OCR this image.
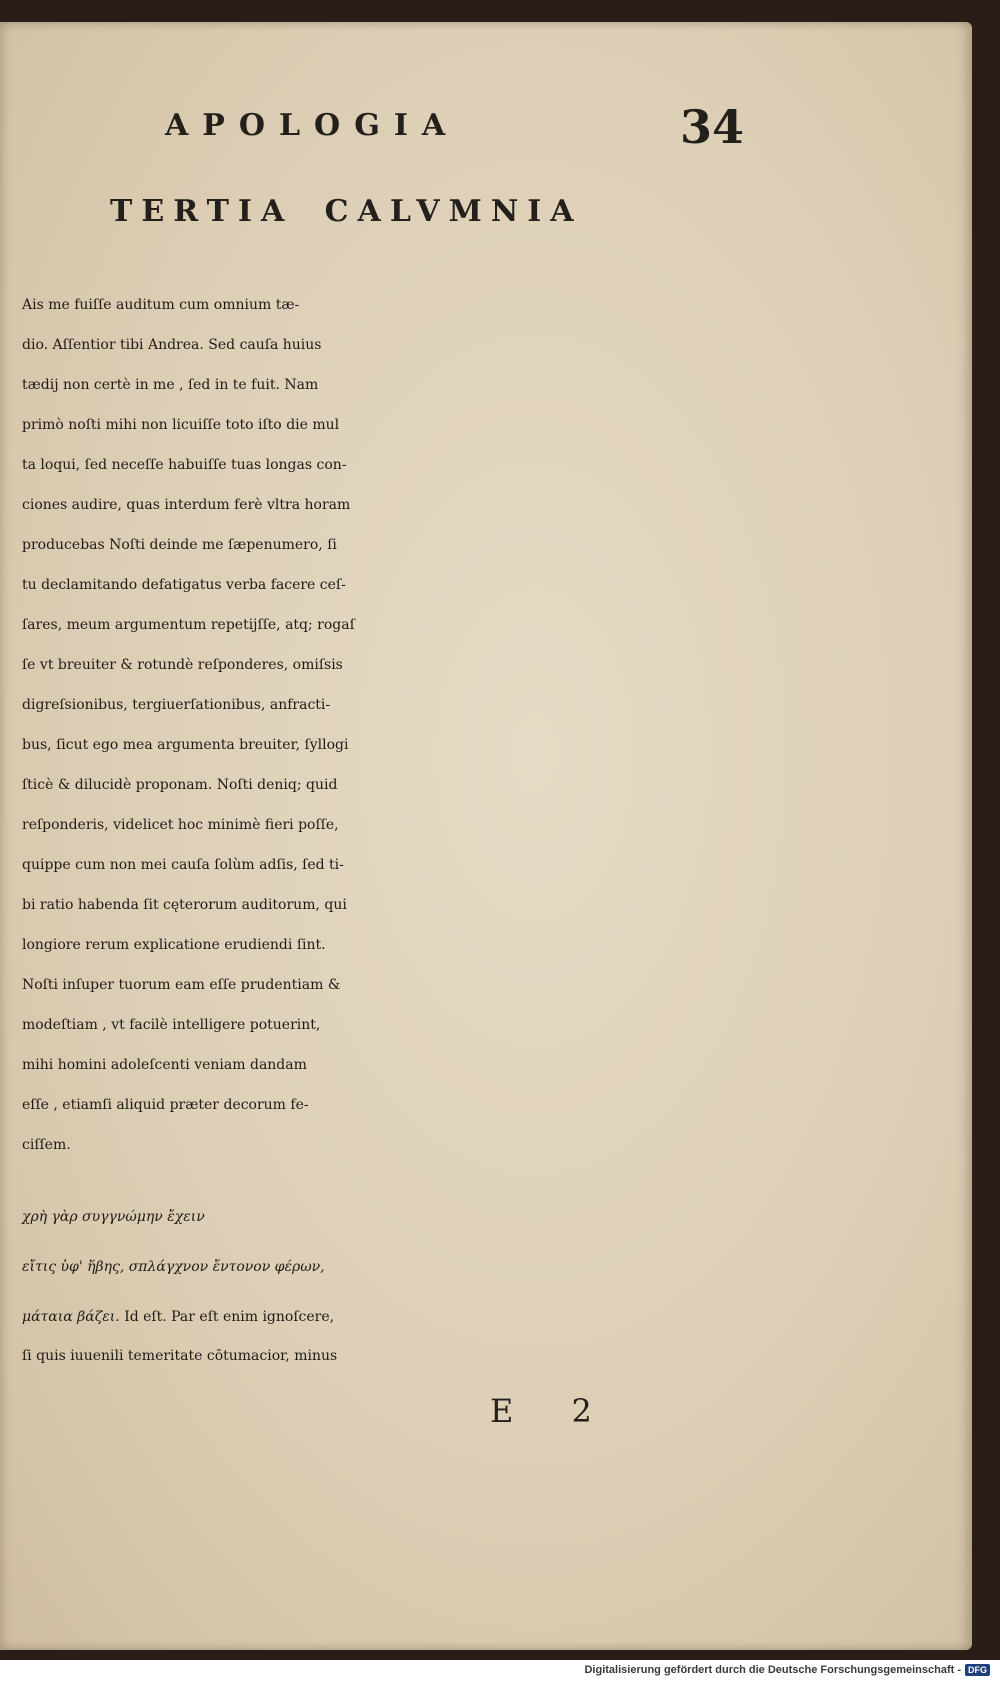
APOLOGIA	34
TERTIA CALVMNIA
Ais me fuiſſe auditum cum omnium tæ-
dio. Aſſentior tibi Andrea. Sed cauſa huius
tædij non certè in me , ſed in te fuit. Nam
primò noſti mihi non licuiſſe toto iſto die mul
ta loqui, ſed neceſſe habuiſſe tuas longas con-
ciones audire, quas interdum ferè vltra horam
producebas Noſti deinde me ſæpenumero, ſi
tu declamitando defatigatus verba facere ceſ-
ſares, meum argumentum repetijſſe, atq; rogaſ
ſe vt breuiter & rotundè reſponderes, omiſsis
digreſsionibus, tergiuerſationibus, anfracti-
bus, ſicut ego mea argumenta breuiter, ſyllogi
ſticè & dilucidè proponam. Noſti deniq; quid
reſponderis, videlicet hoc minimè fieri poſſe,
quippe cum non mei cauſa ſolùm adſis, ſed ti-
bi ratio habenda ſit cęterorum auditorum, qui
longiore rerum explicatione erudiendi ſint.
Noſti inſuper tuorum eam eſſe prudentiam &
modeſtiam , vt facilè intelligere potuerint,
mihi homini adoleſcenti veniam dandam
eſſe , etiamſi aliquid præter decorum fe-
ciſſem.
χρὴ γὰρ συγγνώμην ἔχειν
εἴτις ὑφ' ἥβης, σπλάγχνον ἔντονον φέρων,
μάταια βάζει. Id eſt. Par eſt enim ignoſcere,
ſi quis iuuenili temeritate cōtumacior, minus
E 2
Digitalisierung gefördert durch die Deutsche Forschungsgemeinschaft - DFG
